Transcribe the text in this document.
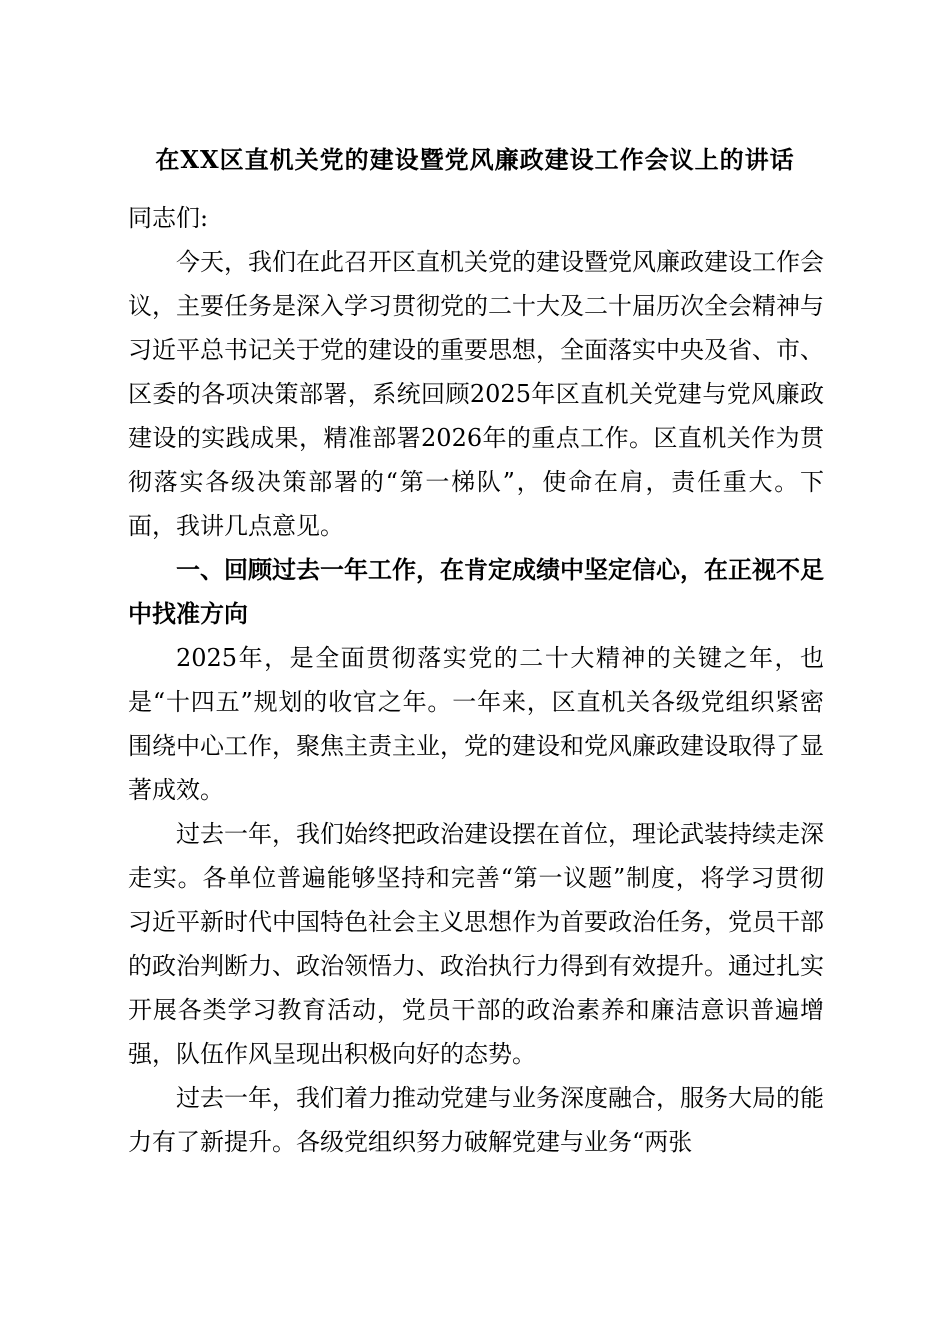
在XX区直机关党的建设暨党风廉政建设工作会议上的讲话

同志们:

今天，我们在此召开区直机关党的建设暨党风廉政建设工作会议，主要任务是深入学习贯彻党的二十大及二十届历次全会精神与习近平总书记关于党的建设的重要思想，全面落实中央及省、市、区委的各项决策部署，系统回顾2025年区直机关党建与党风廉政建设的实践成果，精准部署2026年的重点工作。区直机关作为贯彻落实各级决策部署的“第一梯队”，使命在肩，责任重大。下面，我讲几点意见。

一、回顾过去一年工作，在肯定成绩中坚定信心，在正视不足中找准方向

2025年，是全面贯彻落实党的二十大精神的关键之年，也是“十四五”规划的收官之年。一年来，区直机关各级党组织紧密围绕中心工作，聚焦主责主业，党的建设和党风廉政建设取得了显著成效。

过去一年，我们始终把政治建设摆在首位，理论武装持续走深走实。各单位普遍能够坚持和完善“第一议题”制度，将学习贯彻习近平新时代中国特色社会主义思想作为首要政治任务，党员干部的政治判断力、政治领悟力、政治执行力得到有效提升。通过扎实开展各类学习教育活动，党员干部的政治素养和廉洁意识普遍增强，队伍作风呈现出积极向好的态势。

过去一年，我们着力推动党建与业务深度融合，服务大局的能力有了新提升。各级党组织努力破解党建与业务“两张
